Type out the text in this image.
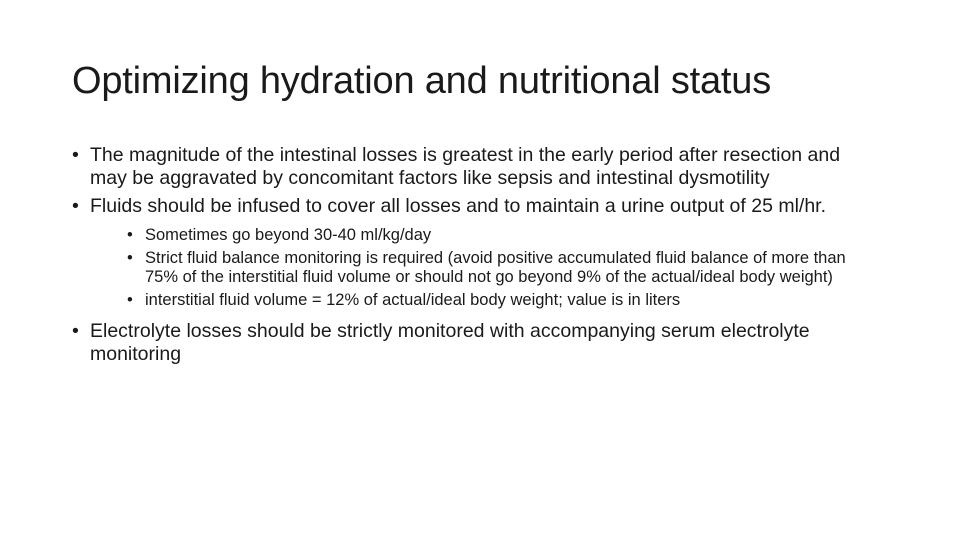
Optimizing hydration and nutritional status
• The magnitude of the intestinal losses is greatest in the early period after resection and may be aggravated by concomitant factors like sepsis and intestinal dysmotility
• Fluids should be infused to cover all losses and to maintain a urine output of 25 ml/hr.
• Sometimes go beyond 30-40 ml/kg/day
• Strict fluid balance monitoring is required (avoid positive accumulated fluid balance of more than 75% of the interstitial fluid volume or should not go beyond 9% of the actual/ideal body weight)
• interstitial fluid volume = 12% of actual/ideal body weight; value is in liters
• Electrolyte losses should be strictly monitored with accompanying serum electrolyte monitoring
